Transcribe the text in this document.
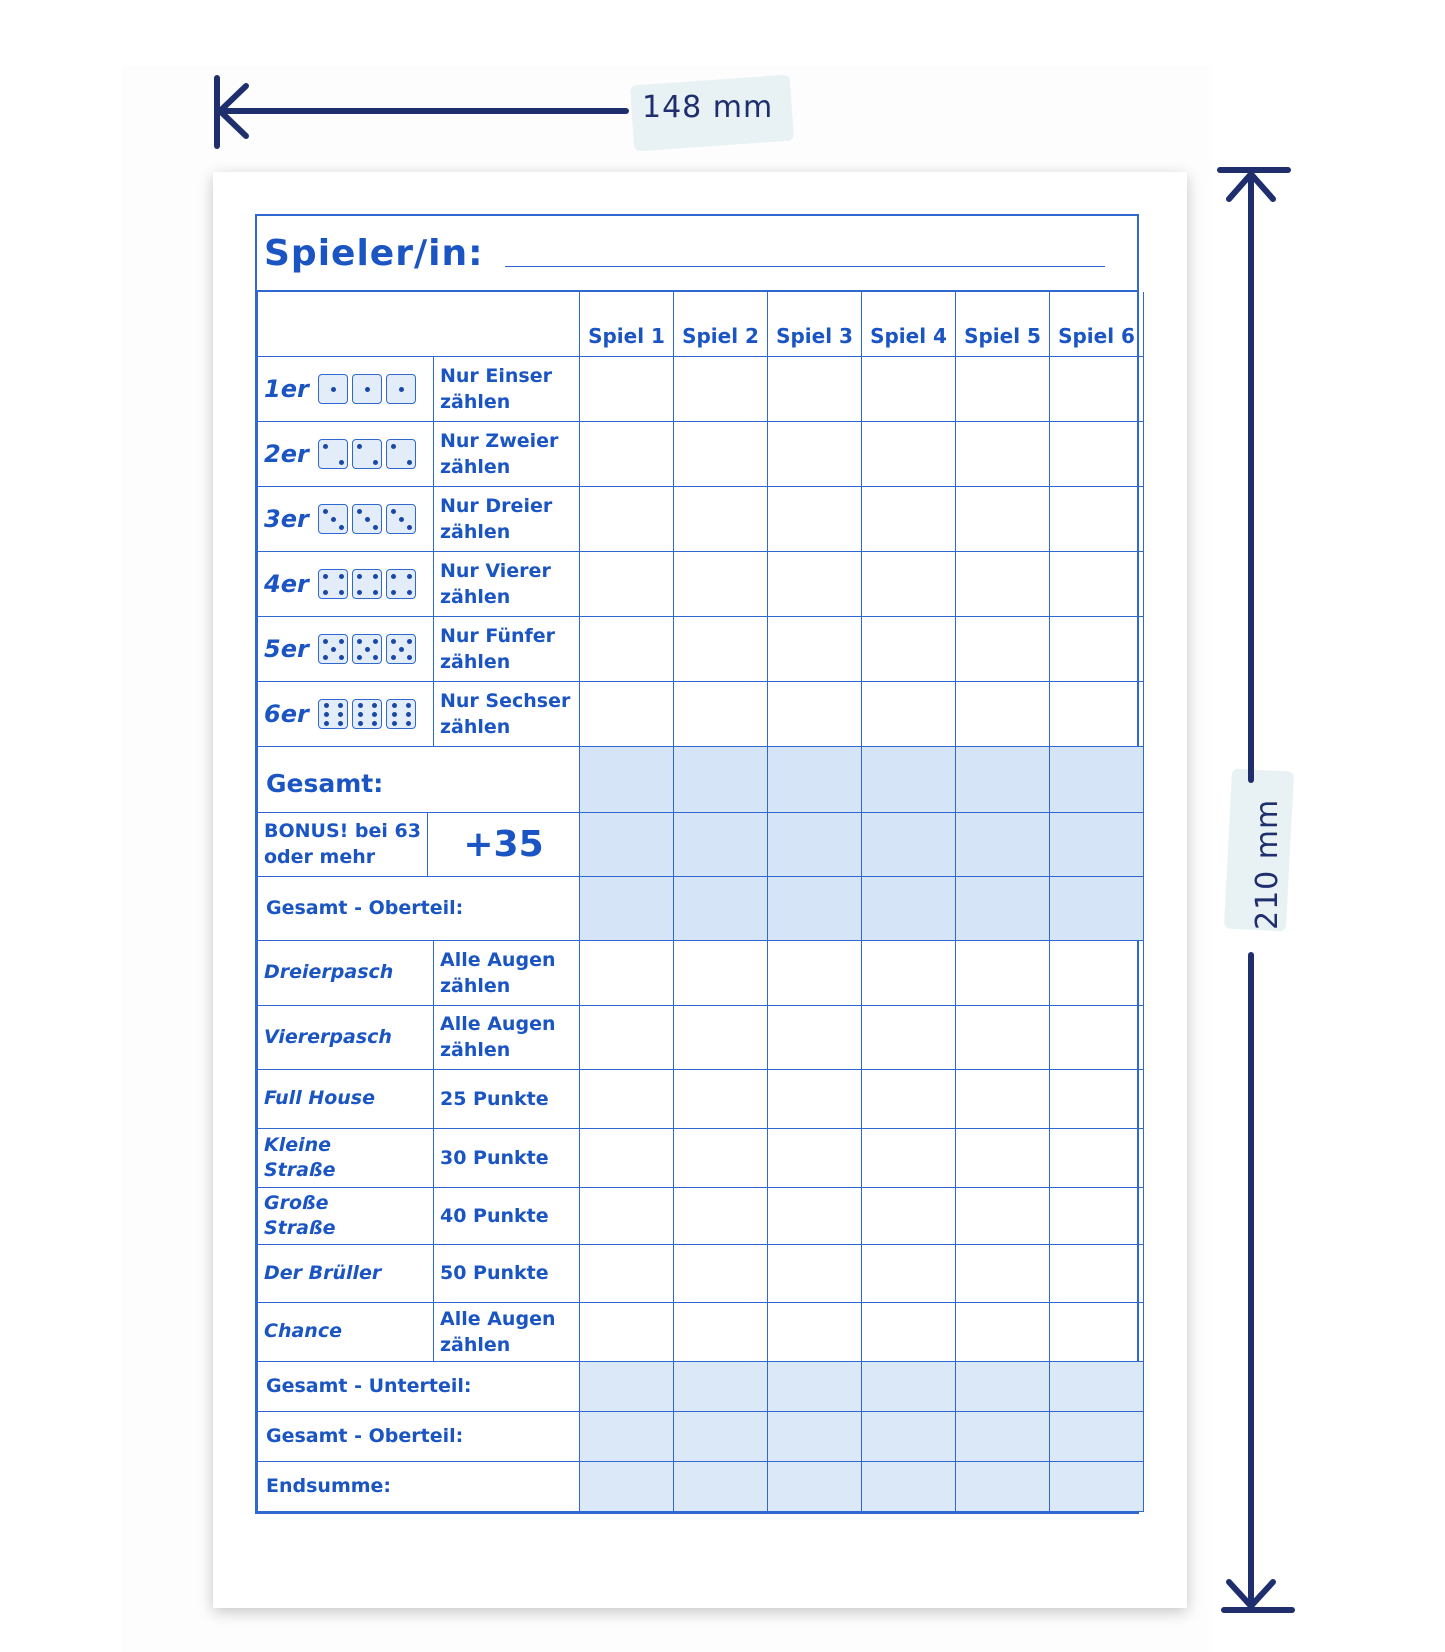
148 mm
210 mm
Spieler/in:
			Spiel 1	Spiel 2	Spiel 3	Spiel 4	Spiel 5	Spiel 6

1er		Nur Einser
zählen						

2er		Nur Zweier
zählen						

3er		Nur Dreier
zählen						

4er		Nur Vierer
zählen						

5er		Nur Fünfer
zählen						

6er		Nur Sechser
zählen						

Gesamt:								

BONUS! bei 63
oder mehr	+35							
Gesamt - Oberteil:								

Dreierpasch		Alle Augen
zählen						

Viererpasch		Alle Augen
zählen						

Full House		25 Punkte						

Kleine
Straße		30 Punkte						

Große
Straße		40 Punkte						

Der Brüller		50 Punkte						

Chance		Alle Augen
zählen						

Gesamt - Unterteil:								
Gesamt - Oberteil:								
Endsumme:								
